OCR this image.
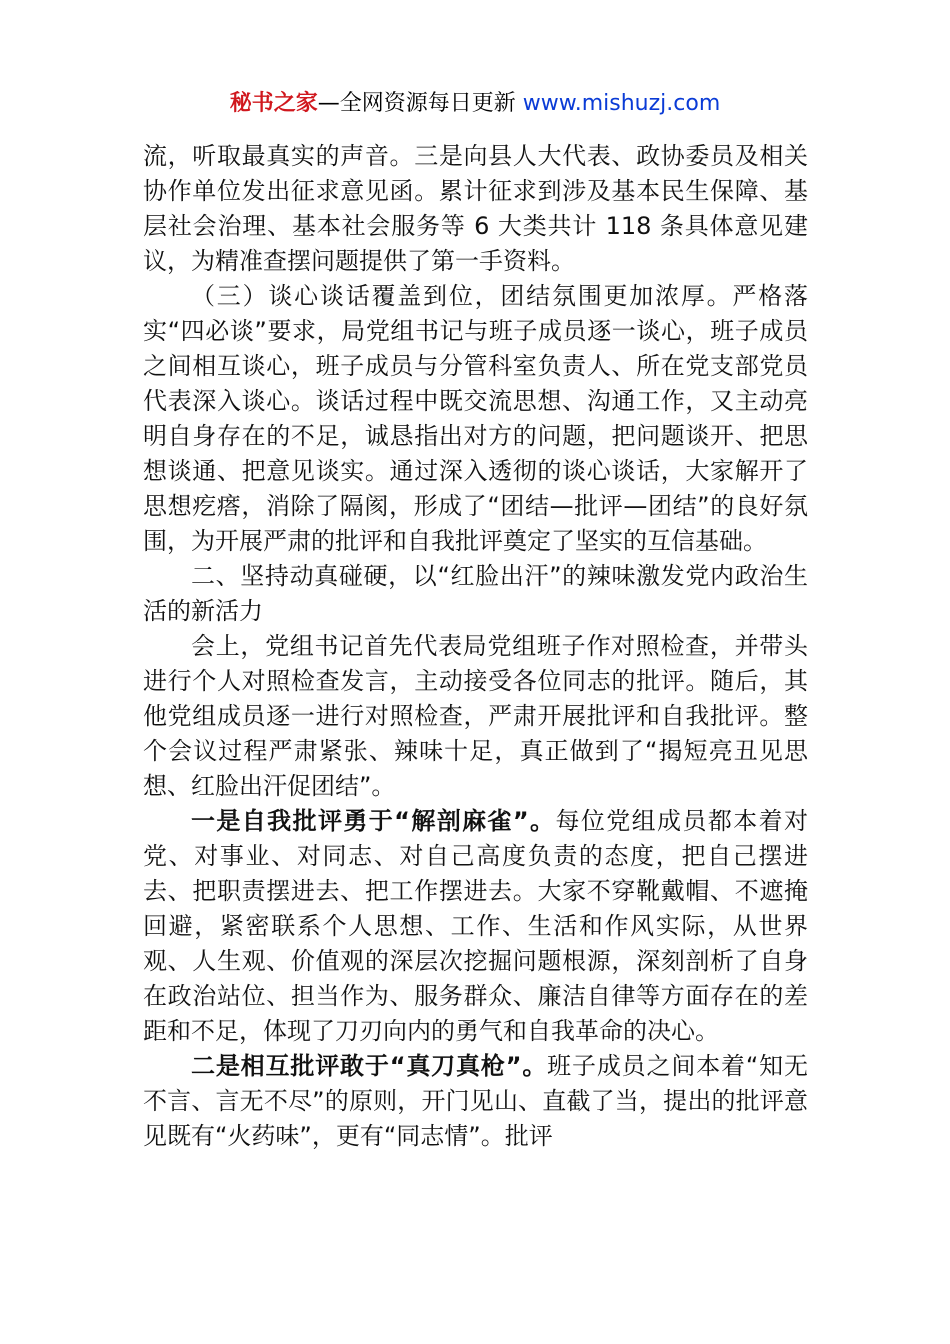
秘书之家—全网资源每日更新 www.mishuzj.com

流，听取最真实的声音。三是向县人大代表、政协委员及相关协作单位发出征求意见函。累计征求到涉及基本民生保障、基层社会治理、基本社会服务等 6 大类共计 118 条具体意见建议，为精准查摆问题提供了第一手资料。

（三）谈心谈话覆盖到位，团结氛围更加浓厚。严格落实“四必谈”要求，局党组书记与班子成员逐一谈心，班子成员之间相互谈心，班子成员与分管科室负责人、所在党支部党员代表深入谈心。谈话过程中既交流思想、沟通工作，又主动亮明自身存在的不足，诚恳指出对方的问题，把问题谈开、把思想谈通、把意见谈实。通过深入透彻的谈心谈话，大家解开了思想疙瘩，消除了隔阂，形成了“团结—批评—团结”的良好氛围，为开展严肃的批评和自我批评奠定了坚实的互信基础。

二、坚持动真碰硬，以“红脸出汗”的辣味激发党内政治生活的新活力

会上，党组书记首先代表局党组班子作对照检查，并带头进行个人对照检查发言，主动接受各位同志的批评。随后，其他党组成员逐一进行对照检查，严肃开展批评和自我批评。整个会议过程严肃紧张、辣味十足，真正做到了“揭短亮丑见思想、红脸出汗促团结”。

一是自我批评勇于“解剖麻雀”。每位党组成员都本着对党、对事业、对同志、对自己高度负责的态度，把自己摆进去、把职责摆进去、把工作摆进去。大家不穿靴戴帽、不遮掩回避，紧密联系个人思想、工作、生活和作风实际，从世界观、人生观、价值观的深层次挖掘问题根源，深刻剖析了自身在政治站位、担当作为、服务群众、廉洁自律等方面存在的差距和不足，体现了刀刃向内的勇气和自我革命的决心。

二是相互批评敢于“真刀真枪”。班子成员之间本着“知无不言、言无不尽”的原则，开门见山、直截了当，提出的批评意见既有“火药味”，更有“同志情”。批评
